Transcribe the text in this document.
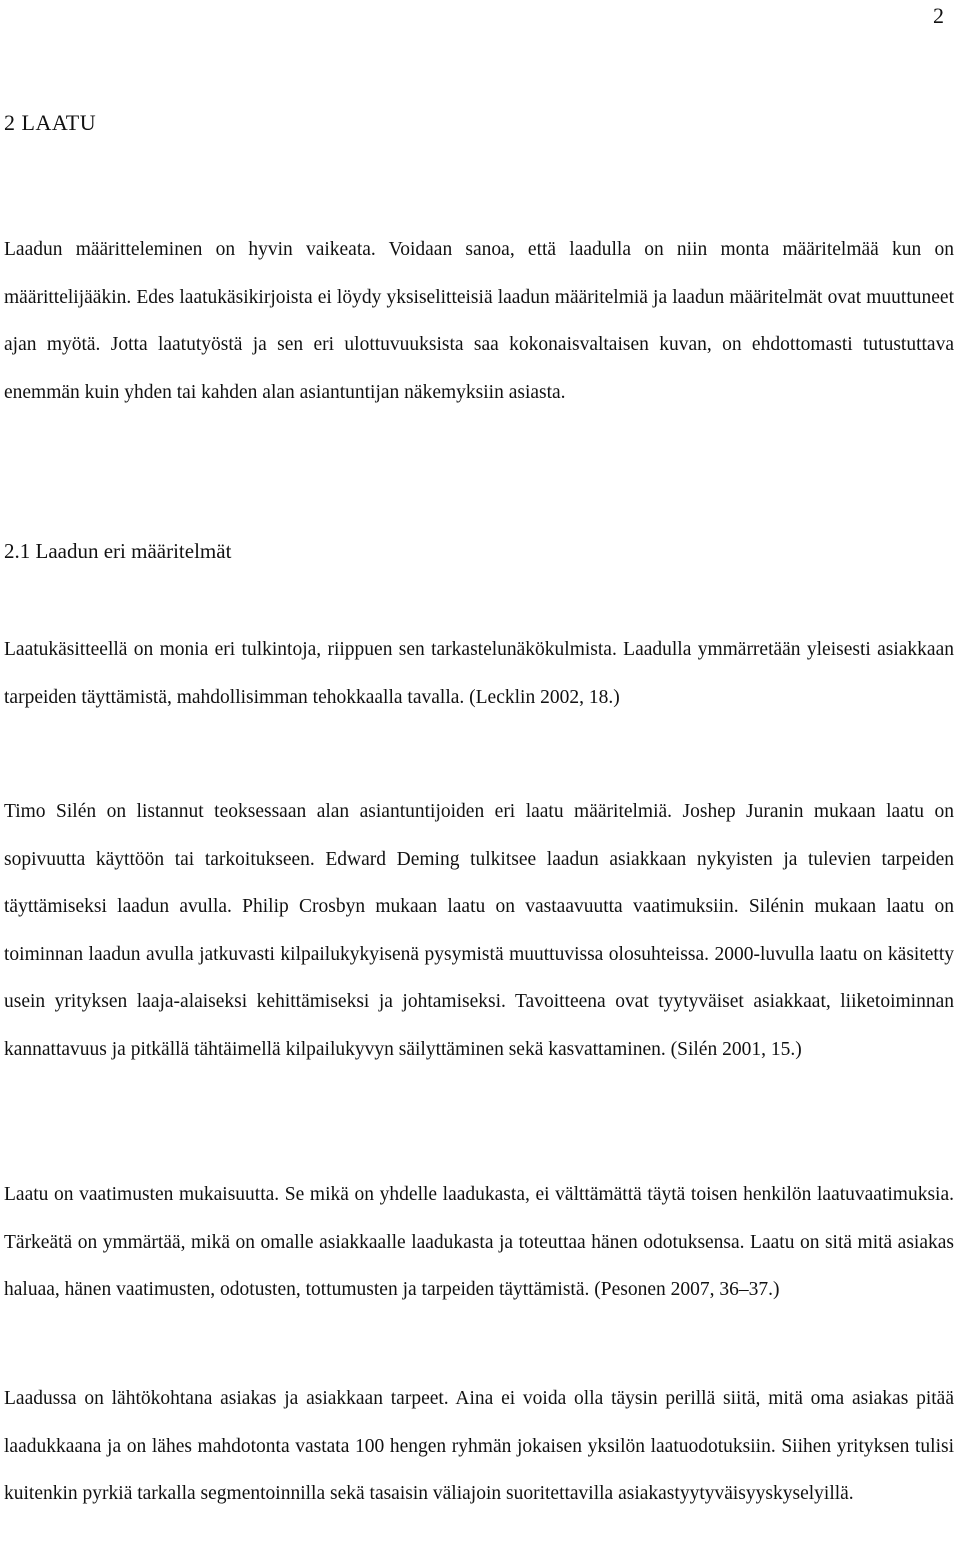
2
2 LAATU

Laadun määritteleminen on hyvin vaikeata. Voidaan sanoa, että laadulla on niin monta määritelmää kun on määrittelijääkin. Edes laatukäsikirjoista ei löydy yksiselitteisiä laadun määritelmiä ja laadun määritelmät ovat muuttuneet ajan myötä. Jotta laatutyöstä ja sen eri ulottuvuuksista saa kokonaisvaltaisen kuvan, on ehdottomasti tutustuttava enemmän kuin yhden tai kahden alan asiantuntijan näkemyksiin asiasta.

2.1 Laadun eri määritelmät

Laatukäsitteellä on monia eri tulkintoja, riippuen sen tarkastelunäkökulmista. Laadulla ymmärretään yleisesti asiakkaan tarpeiden täyttämistä, mahdollisimman tehokkaalla tavalla. (Lecklin 2002, 18.)

Timo Silén on listannut teoksessaan alan asiantuntijoiden eri laatu määritelmiä. Joshep Juranin mukaan laatu on sopivuutta käyttöön tai tarkoitukseen. Edward Deming tulkitsee laadun asiakkaan nykyisten ja tulevien tarpeiden täyttämiseksi laadun avulla. Philip Crosbyn mukaan laatu on vastaavuutta vaatimuksiin. Silénin mukaan laatu on toiminnan laadun avulla jatkuvasti kilpailukykyisenä pysymistä muuttuvissa olosuhteissa. 2000-luvulla laatu on käsitetty usein yrityksen laaja-alaiseksi kehittämiseksi ja johtamiseksi. Tavoitteena ovat tyytyväiset asiakkaat, liiketoiminnan kannattavuus ja pitkällä tähtäimellä kilpailukyvyn säilyttäminen sekä kasvattaminen. (Silén 2001, 15.)

Laatu on vaatimusten mukaisuutta. Se mikä on yhdelle laadukasta, ei välttämättä täytä toisen henkilön laatuvaatimuksia. Tärkeätä on ymmärtää, mikä on omalle asiakkaalle laadukasta ja toteuttaa hänen odotuksensa. Laatu on sitä mitä asiakas haluaa, hänen vaatimusten, odotusten, tottumusten ja tarpeiden täyttämistä. (Pesonen 2007, 36–37.)

Laadussa on lähtökohtana asiakas ja asiakkaan tarpeet. Aina ei voida olla täysin perillä siitä, mitä oma asiakas pitää laadukkaana ja on lähes mahdotonta vastata 100 hengen ryhmän jokaisen yksilön laatuodotuksiin. Siihen yrityksen tulisi kuitenkin pyrkiä tarkalla segmentoinnilla sekä tasaisin väliajoin suoritettavilla asiakastyytyväisyyskyselyillä.
